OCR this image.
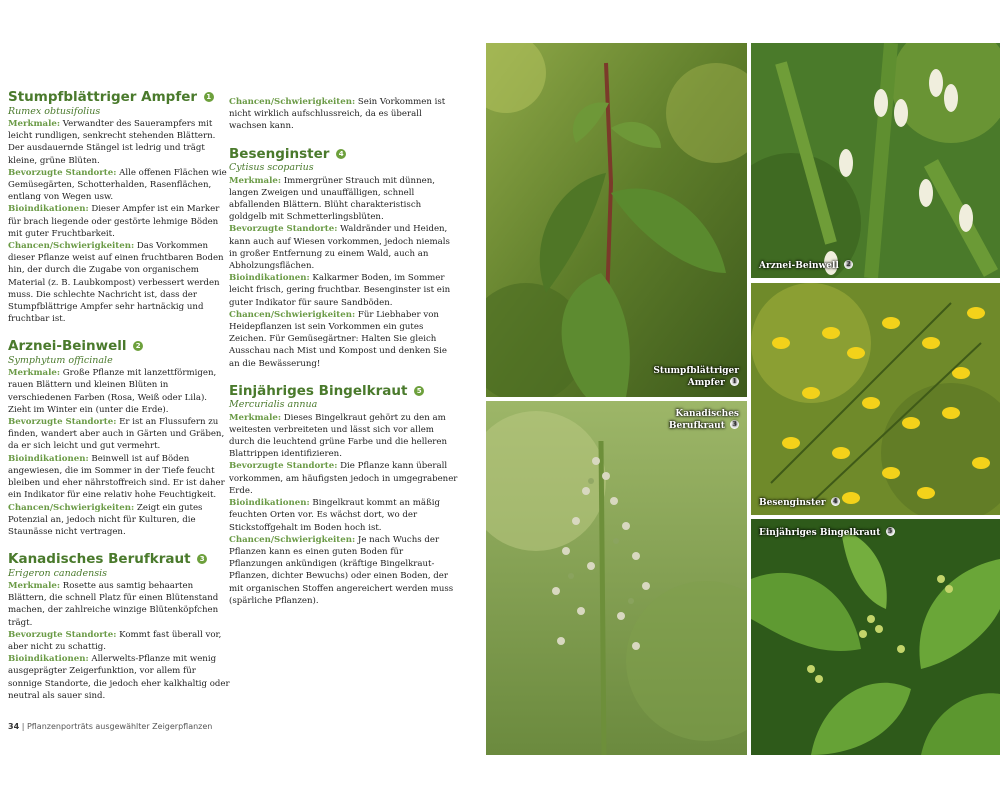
Stumpfblättriger Ampfer 1
Rumex obtusifolius
Merkmale: Verwandter des Sauerampfers mit leicht rundligen, senkrecht stehenden Blättern. Der ausdauernde Stängel ist ledrig und trägt kleine, grüne Blüten.
Bevorzugte Standorte: Alle offenen Flächen wie Gemüsegärten, Schotterhalden, Rasenflächen, entlang von Wegen usw.
Bioindikationen: Dieser Ampfer ist ein Marker für brach liegende oder gestörte lehmige Böden mit guter Fruchtbarkeit.
Chancen/Schwierigkeiten: Das Vorkommen dieser Pflanze weist auf einen fruchtbaren Boden hin, der durch die Zugabe von organischem Material (z. B. Laubkompost) verbessert werden muss. Die schlechte Nachricht ist, dass der Stumpfblättrige Ampfer sehr hartnäckig und fruchtbar ist.
Arznei-Beinwell 2
Symphytum officinale
Merkmale: Große Pflanze mit lanzettförmigen, rauen Blättern und kleinen Blüten in verschiedenen Farben (Rosa, Weiß oder Lila). Zieht im Winter ein (unter die Erde).
Bevorzugte Standorte: Er ist an Flussufern zu finden, wandert aber auch in Gärten und Gräben, da er sich leicht und gut vermehrt.
Bioindikationen: Beinwell ist auf Böden angewiesen, die im Sommer in der Tiefe feucht bleiben und eher nährstoffreich sind. Er ist daher ein Indikator für eine relativ hohe Feuchtigkeit.
Chancen/Schwierigkeiten: Zeigt ein gutes Potenzial an, jedoch nicht für Kulturen, die Staunässe nicht vertragen.
Kanadisches Berufkraut 3
Erigeron canadensis
Merkmale: Rosette aus samtig behaarten Blättern, die schnell Platz für einen Blütenstand machen, der zahlreiche winzige Blütenköpfchen trägt.
Bevorzugte Standorte: Kommt fast überall vor, aber nicht zu schattig.
Bioindikationen: Allerwelts-Pflanze mit wenig ausgeprägter Zeigerfunktion, vor allem für sonnige Standorte, die jedoch eher kalkhaltig oder neutral als sauer sind.
Chancen/Schwierigkeiten: Sein Vorkommen ist nicht wirklich aufschlussreich, da es überall wachsen kann.
Besenginster 4
Cytisus scoparius
Merkmale: Immergrüner Strauch mit dünnen, langen Zweigen und unauffälligen, schnell abfallenden Blättern. Blüht charakteristisch goldgelb mit Schmetterlingsblüten.
Bevorzugte Standorte: Waldränder und Heiden, kann auch auf Wiesen vorkommen, jedoch niemals in großer Entfernung zu einem Wald, auch an Abholzungsflächen.
Bioindikationen: Kalkarmer Boden, im Sommer leicht frisch, gering fruchtbar. Besenginster ist ein guter Indikator für saure Sandböden.
Chancen/Schwierigkeiten: Für Liebhaber von Heidepflanzen ist sein Vorkommen ein gutes Zeichen. Für Gemüsegärtner: Halten Sie gleich Ausschau nach Mist und Kompost und denken Sie an die Bewässerung!
Einjähriges Bingelkraut 5
Mercurialis annua
Merkmale: Dieses Bingelkraut gehört zu den am weitesten verbreiteten und lässt sich vor allem durch die leuchtend grüne Farbe und die helleren Blattrippen identifizieren.
Bevorzugte Standorte: Die Pflanze kann überall vorkommen, am häufigsten jedoch in umgegrabener Erde.
Bioindikationen: Bingelkraut kommt an mäßig feuchten Orten vor. Es wächst dort, wo der Stickstoffgehalt im Boden hoch ist.
Chancen/Schwierigkeiten: Je nach Wuchs der Pflanzen kann es einen guten Boden für Pflanzungen ankündigen (kräftige Bingelkraut-Pflanzen, dichter Bewuchs) oder einen Boden, der mit organischen Stoffen angereichert werden muss (spärliche Pflanzen).
34 | Pflanzenporträts ausgewählter Zeigerpflanzen
Stumpfblättriger
Ampfer 1
Arznei-Beinwell 2
Kanadisches
Berufkraut 3
Besenginster 4
Einjähriges Bingelkraut 5
